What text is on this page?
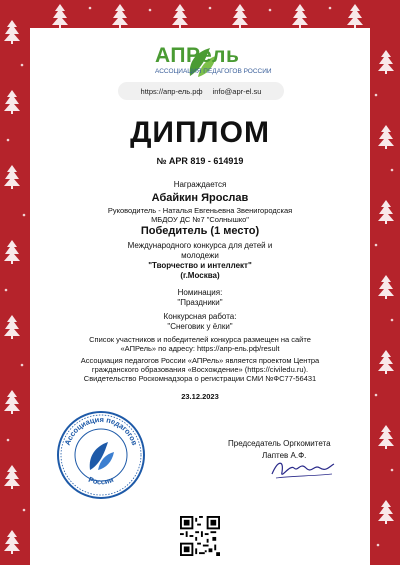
АПРель
АССОЦИАЦИЯ ПЕДАГОГОВ РОССИИ
https://апр-ель.рф info@apr-el.su
ДИПЛОМ
№ APR 819 - 614919
Награждается
Абайкин Ярослав
Руководитель - Наталья Евгеньевна Звенигородская
МБДОУ ДС №7 "Солнышко"
Победитель (1 место)
Международного конкурса для детей и
молодежи
"Творчество и интеллект"
(г.Москва)
Номинация:
"Праздники"
Конкурсная работа:
"Снеговик у ёлки"
Список участников и победителей конкурса размещен на сайте
«АПРель» по адресу: https://апр-ель.рф/result
Ассоциация педагогов России «АПРель» является проектом Центра
гражданского образования «Восхождение» (https://civiledu.ru).
Свидетельство Роскомнадзора о регистрации СМИ №ФС77-56431
23.12.2023
Ассоциация педагогов
России
Председатель Оргкомитета
Лаптев А.Ф.
